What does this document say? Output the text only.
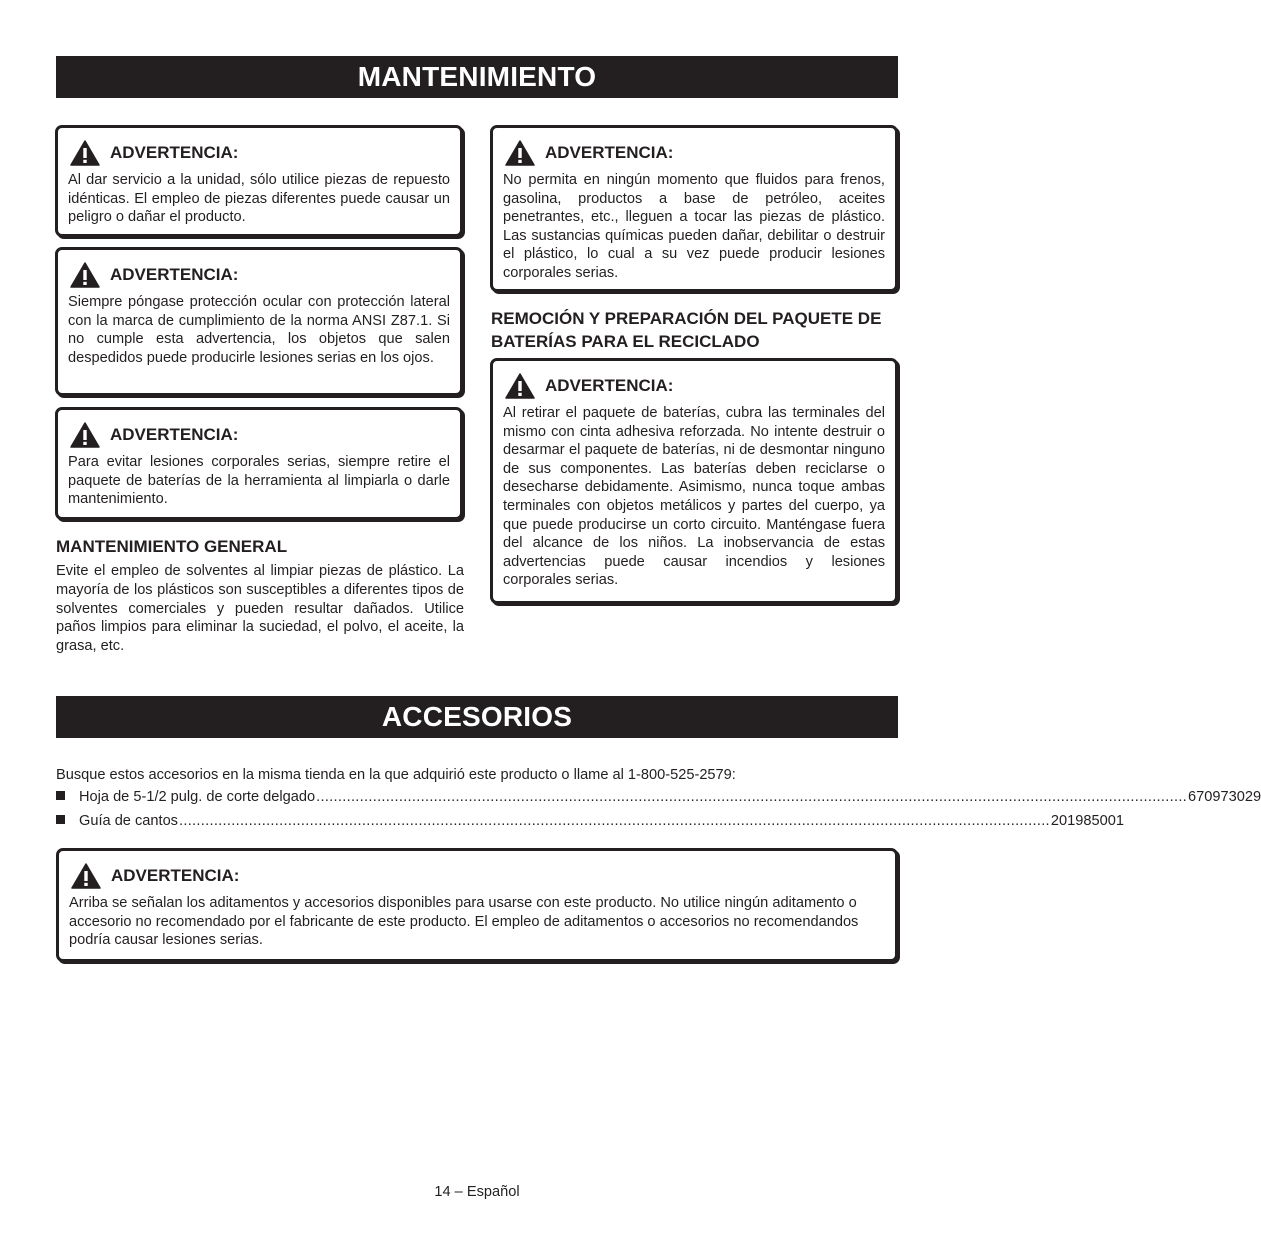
MANTENIMIENTO
ADVERTENCIA:
Al dar servicio a la unidad, sólo utilice piezas de repuesto idénticas. El empleo de piezas diferentes puede causar un peligro o dañar el producto.
ADVERTENCIA:
Siempre póngase protección ocular con protección lateral con la marca de cumplimiento de la norma ANSI Z87.1. Si no cumple esta advertencia, los objetos que salen despedidos puede producirle lesiones serias en los ojos.
ADVERTENCIA:
Para evitar lesiones corporales serias, siempre retire el paquete de baterías de la herramienta al limpiarla o darle mantenimiento.
MANTENIMIENTO GENERAL
Evite el empleo de solventes al limpiar piezas de plástico. La mayoría de los plásticos son susceptibles a diferentes tipos de solventes comerciales y pueden resultar dañados. Utilice paños limpios para eliminar la suciedad, el polvo, el aceite, la grasa, etc.
ADVERTENCIA:
No permita en ningún momento que fluidos para frenos, gasolina, productos a base de petróleo, aceites penetrantes, etc., lleguen a tocar las piezas de plástico. Las sustancias químicas pueden dañar, debilitar o destruir el plástico, lo cual a su vez puede producir lesiones corporales serias.
REMOCIÓN Y PREPARACIÓN DEL PAQUETE DE BATERÍAS PARA EL RECICLADO
ADVERTENCIA:
Al retirar el paquete de baterías, cubra las terminales del mismo con cinta adhesiva reforzada. No intente destruir o desarmar el paquete de baterías, ni de desmontar ninguno de sus componentes. Las baterías deben reciclarse o desecharse debidamente. Asimismo, nunca toque ambas terminales con objetos metálicos y partes del cuerpo, ya que puede producirse un corto circuito. Manténgase fuera del alcance de los niños. La inobservancia de estas advertencias puede causar incendios y lesiones corporales serias.
ACCESORIOS
Busque estos accesorios en la misma tienda en la que adquirió este producto o llame al 1-800-525-2579:
Hoja de 5-1/2 pulg. de corte delgado ........................................................................................................................................................................................................ 670973029
Guía de cantos ........................................................................................................................................................................................................ 201985001
ADVERTENCIA:
Arriba se señalan los aditamentos y accesorios disponibles para usarse con este producto. No utilice ningún aditamento o accesorio no recomendado por el fabricante de este producto. El empleo de aditamentos o accesorios no recomendandos podría causar lesiones serias.
14 – Español
